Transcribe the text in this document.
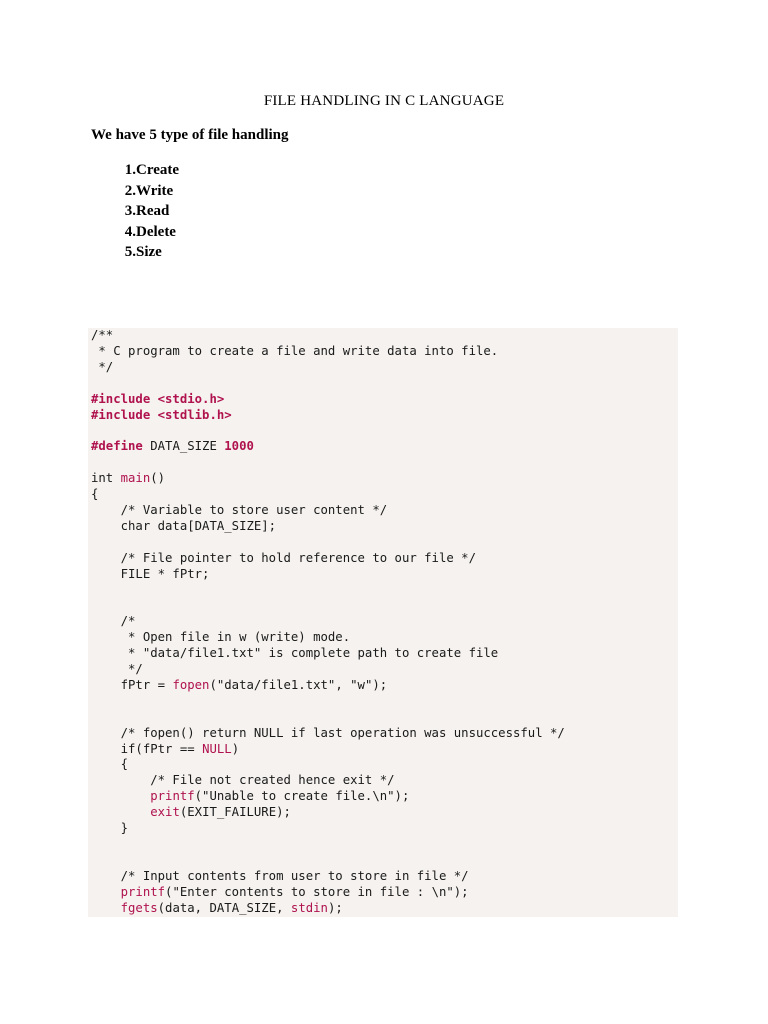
FILE HANDLING IN C LANGUAGE
We have 5 type of file handling
1. Create
2. Write
3. Read
4. Delete
5. Size
/**
* C program to create a file and write data into file.
*/
#include <stdio.h>
#include <stdlib.h>
#define DATA_SIZE 1000
int main()
{
/* Variable to store user content */
char data[DATA_SIZE];
/* File pointer to hold reference to our file */
FILE * fPtr;
/*
* Open file in w (write) mode.
* "data/file1.txt" is complete path to create file
*/
fPtr = fopen("data/file1.txt", "w");
/* fopen() return NULL if last operation was unsuccessful */
if(fPtr == NULL)
{
/* File not created hence exit */
printf("Unable to create file.\n");
exit(EXIT_FAILURE);
}
/* Input contents from user to store in file */
printf("Enter contents to store in file : \n");
fgets(data, DATA_SIZE, stdin);
